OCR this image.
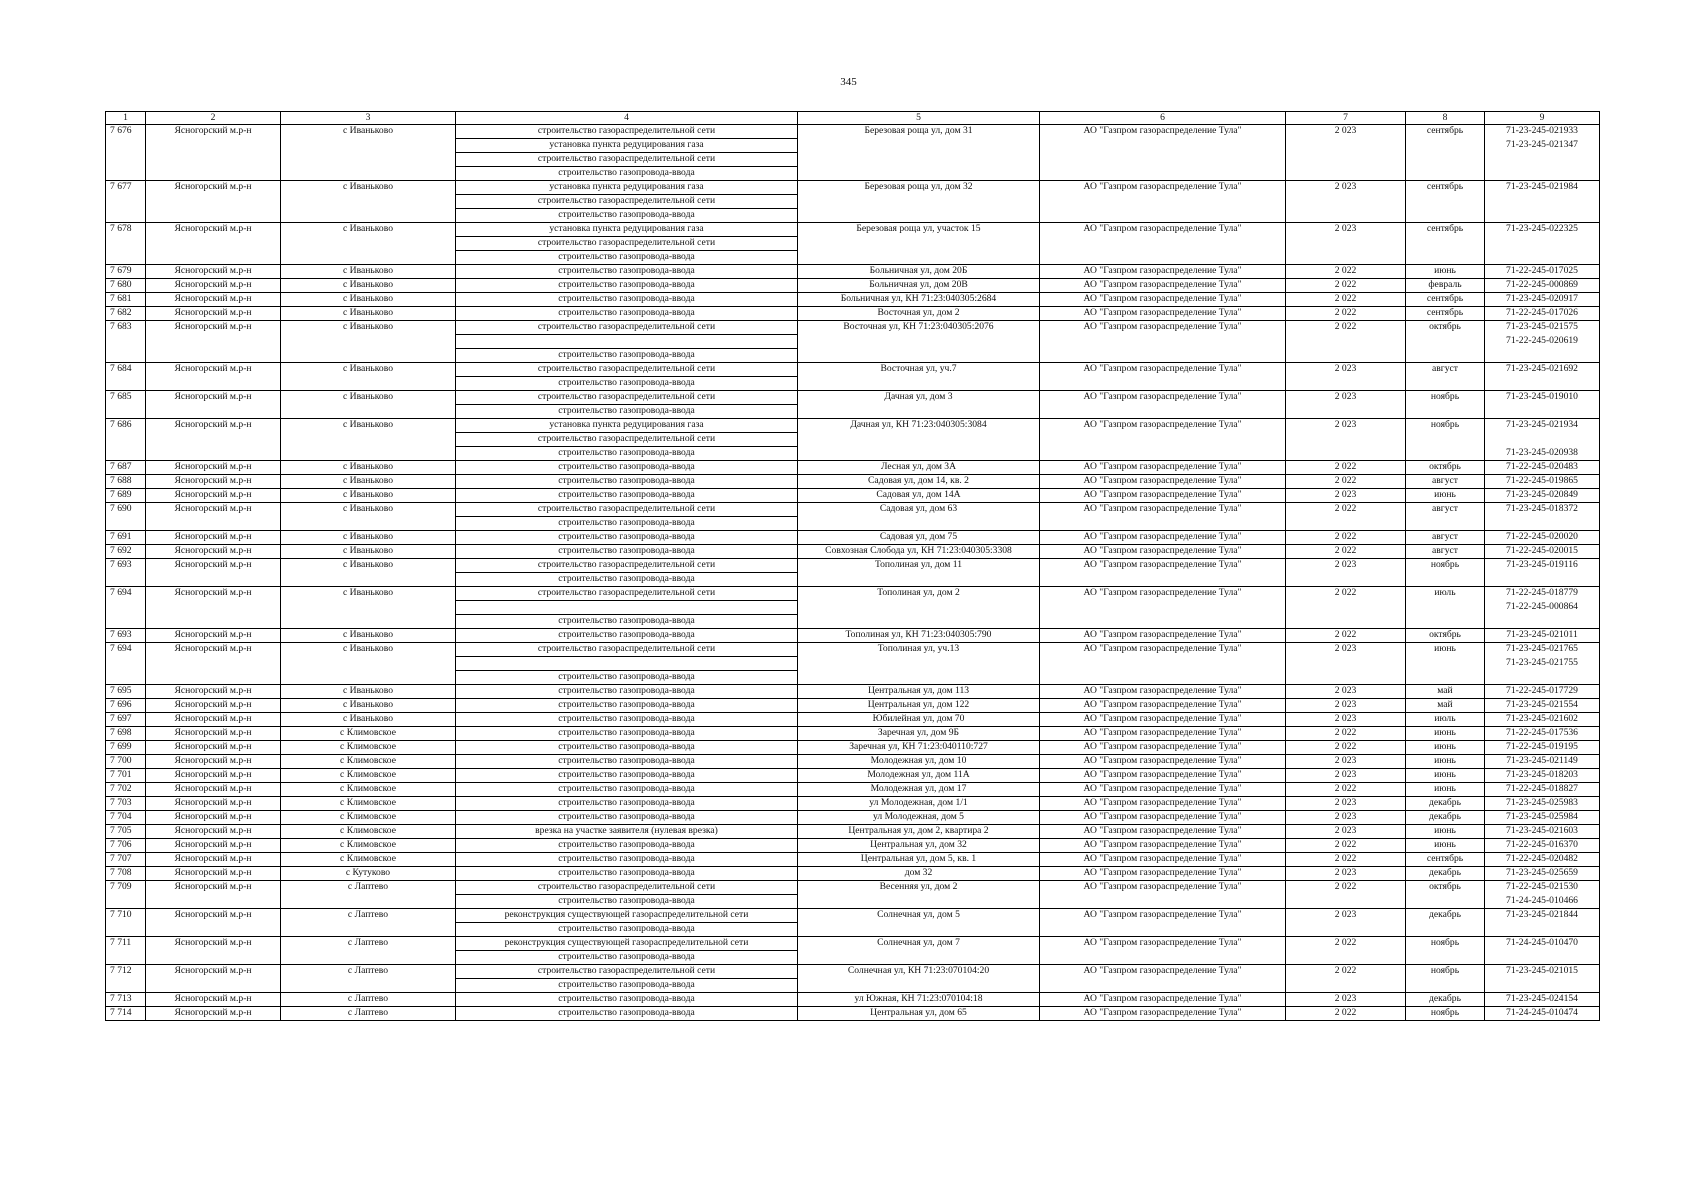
345
1	2	3	4	5	6	7	8	9
7 676	Ясногорский м.р-н	с Иваньково	строительство газораспределительной сети	Березовая роща ул, дом 31	АО "Газпром газораспределение Тула"	2 023	сентябрь	71-23-245-021933
			установка пункта редуцирования газа					71-23-245-021347
			строительство газораспределительной сети					
			строительство газопровода-ввода					
7 677	Ясногорский м.р-н	с Иваньково	установка пункта редуцирования газа	Березовая роща ул, дом 32	АО "Газпром газораспределение Тула"	2 023	сентябрь	71-23-245-021984
			строительство газораспределительной сети					
			строительство газопровода-ввода					
7 678	Ясногорский м.р-н	с Иваньково	установка пункта редуцирования газа	Березовая роща ул, участок 15	АО "Газпром газораспределение Тула"	2 023	сентябрь	71-23-245-022325
			строительство газораспределительной сети					
			строительство газопровода-ввода					
7 679	Ясногорский м.р-н	с Иваньково	строительство газопровода-ввода	Больничная ул, дом 20Б	АО "Газпром газораспределение Тула"	2 022	июнь	71-22-245-017025
7 680	Ясногорский м.р-н	с Иваньково	строительство газопровода-ввода	Больничная ул, дом 20В	АО "Газпром газораспределение Тула"	2 022	февраль	71-22-245-000869
7 681	Ясногорский м.р-н	с Иваньково	строительство газопровода-ввода	Больничная ул, КН 71:23:040305:2684	АО "Газпром газораспределение Тула"	2 022	сентябрь	71-23-245-020917
7 682	Ясногорский м.р-н	с Иваньково	строительство газопровода-ввода	Восточная ул, дом 2	АО "Газпром газораспределение Тула"	2 022	сентябрь	71-22-245-017026
7 683	Ясногорский м.р-н	с Иваньково	строительство газораспределительной сети	Восточная ул, КН 71:23:040305:2076	АО "Газпром газораспределение Тула"	2 022	октябрь	71-23-245-021575
								71-22-245-020619
			строительство газопровода-ввода					
7 684	Ясногорский м.р-н	с Иваньково	строительство газораспределительной сети	Восточная ул, уч.7	АО "Газпром газораспределение Тула"	2 023	август	71-23-245-021692
			строительство газопровода-ввода					
7 685	Ясногорский м.р-н	с Иваньково	строительство газораспределительной сети	Дачная ул, дом 3	АО "Газпром газораспределение Тула"	2 023	ноябрь	71-23-245-019010
			строительство газопровода-ввода					
7 686	Ясногорский м.р-н	с Иваньково	установка пункта редуцирования газа	Дачная ул, КН 71:23:040305:3084	АО "Газпром газораспределение Тула"	2 023	ноябрь	71-23-245-021934
			строительство газораспределительной сети					
			строительство газопровода-ввода					71-23-245-020938
7 687	Ясногорский м.р-н	с Иваньково	строительство газопровода-ввода	Лесная ул, дом 3А	АО "Газпром газораспределение Тула"	2 022	октябрь	71-22-245-020483
7 688	Ясногорский м.р-н	с Иваньково	строительство газопровода-ввода	Садовая ул, дом 14, кв. 2	АО "Газпром газораспределение Тула"	2 022	август	71-22-245-019865
7 689	Ясногорский м.р-н	с Иваньково	строительство газопровода-ввода	Садовая ул, дом 14А	АО "Газпром газораспределение Тула"	2 023	июнь	71-23-245-020849
7 690	Ясногорский м.р-н	с Иваньково	строительство газораспределительной сети	Садовая ул, дом 63	АО "Газпром газораспределение Тула"	2 022	август	71-23-245-018372
			строительство газопровода-ввода					
7 691	Ясногорский м.р-н	с Иваньково	строительство газопровода-ввода	Садовая ул, дом 75	АО "Газпром газораспределение Тула"	2 022	август	71-22-245-020020
7 692	Ясногорский м.р-н	с Иваньково	строительство газопровода-ввода	Совхозная Слобода ул, КН 71:23:040305:3308	АО "Газпром газораспределение Тула"	2 022	август	71-22-245-020015
7 693	Ясногорский м.р-н	с Иваньково	строительство газораспределительной сети	Тополиная ул, дом 11	АО "Газпром газораспределение Тула"	2 023	ноябрь	71-23-245-019116
			строительство газопровода-ввода					
7 694	Ясногорский м.р-н	с Иваньково	строительство газораспределительной сети	Тополиная ул, дом 2	АО "Газпром газораспределение Тула"	2 022	июль	71-22-245-018779
								71-22-245-000864
			строительство газопровода-ввода					
7 693	Ясногорский м.р-н	с Иваньково	строительство газопровода-ввода	Тополиная ул, КН 71:23:040305:790	АО "Газпром газораспределение Тула"	2 022	октябрь	71-23-245-021011
7 694	Ясногорский м.р-н	с Иваньково	строительство газораспределительной сети	Тополиная ул, уч.13	АО "Газпром газораспределение Тула"	2 023	июнь	71-23-245-021765
								71-23-245-021755
			строительство газопровода-ввода					
7 695	Ясногорский м.р-н	с Иваньково	строительство газопровода-ввода	Центральная ул, дом 113	АО "Газпром газораспределение Тула"	2 023	май	71-22-245-017729
7 696	Ясногорский м.р-н	с Иваньково	строительство газопровода-ввода	Центральная ул, дом 122	АО "Газпром газораспределение Тула"	2 023	май	71-23-245-021554
7 697	Ясногорский м.р-н	с Иваньково	строительство газопровода-ввода	Юбилейная ул, дом 70	АО "Газпром газораспределение Тула"	2 023	июль	71-23-245-021602
7 698	Ясногорский м.р-н	с Климовское	строительство газопровода-ввода	Заречная ул, дом 9Б	АО "Газпром газораспределение Тула"	2 022	июнь	71-22-245-017536
7 699	Ясногорский м.р-н	с Климовское	строительство газопровода-ввода	Заречная ул, КН 71:23:040110:727	АО "Газпром газораспределение Тула"	2 022	июнь	71-22-245-019195
7 700	Ясногорский м.р-н	с Климовское	строительство газопровода-ввода	Молодежная ул, дом 10	АО "Газпром газораспределение Тула"	2 023	июнь	71-23-245-021149
7 701	Ясногорский м.р-н	с Климовское	строительство газопровода-ввода	Молодежная ул, дом 11А	АО "Газпром газораспределение Тула"	2 023	июнь	71-23-245-018203
7 702	Ясногорский м.р-н	с Климовское	строительство газопровода-ввода	Молодежная ул, дом 17	АО "Газпром газораспределение Тула"	2 022	июнь	71-22-245-018827
7 703	Ясногорский м.р-н	с Климовское	строительство газопровода-ввода	ул Молодежная, дом 1/1	АО "Газпром газораспределение Тула"	2 023	декабрь	71-23-245-025983
7 704	Ясногорский м.р-н	с Климовское	строительство газопровода-ввода	ул Молодежная, дом 5	АО "Газпром газораспределение Тула"	2 023	декабрь	71-23-245-025984
7 705	Ясногорский м.р-н	с Климовское	врезка на участке заявителя (нулевая врезка)	Центральная ул, дом 2, квартира 2	АО "Газпром газораспределение Тула"	2 023	июнь	71-23-245-021603
7 706	Ясногорский м.р-н	с Климовское	строительство газопровода-ввода	Центральная ул, дом 32	АО "Газпром газораспределение Тула"	2 022	июнь	71-22-245-016370
7 707	Ясногорский м.р-н	с Климовское	строительство газопровода-ввода	Центральная ул, дом 5, кв. 1	АО "Газпром газораспределение Тула"	2 022	сентябрь	71-22-245-020482
7 708	Ясногорский м.р-н	с Кутуково	строительство газопровода-ввода	дом 32	АО "Газпром газораспределение Тула"	2 023	декабрь	71-23-245-025659
7 709	Ясногорский м.р-н	с Лаптево	строительство газораспределительной сети	Весенняя ул, дом 2	АО "Газпром газораспределение Тула"	2 022	октябрь	71-22-245-021530
			строительство газопровода-ввода					71-24-245-010466
7 710	Ясногорский м.р-н	с Лаптево	реконструкция существующей газораспределительной сети	Солнечная ул, дом 5	АО "Газпром газораспределение Тула"	2 023	декабрь	71-23-245-021844
			строительство газопровода-ввода					
7 711	Ясногорский м.р-н	с Лаптево	реконструкция существующей газораспределительной сети	Солнечная ул, дом 7	АО "Газпром газораспределение Тула"	2 022	ноябрь	71-24-245-010470
			строительство газопровода-ввода					
7 712	Ясногорский м.р-н	с Лаптево	строительство газораспределительной сети	Солнечная ул, КН 71:23:070104:20	АО "Газпром газораспределение Тула"	2 022	ноябрь	71-23-245-021015
			строительство газопровода-ввода					
7 713	Ясногорский м.р-н	с Лаптево	строительство газопровода-ввода	ул Южная, КН 71:23:070104:18	АО "Газпром газораспределение Тула"	2 023	декабрь	71-23-245-024154
7 714	Ясногорский м.р-н	с Лаптево	строительство газопровода-ввода	Центральная ул, дом 65	АО "Газпром газораспределение Тула"	2 022	ноябрь	71-24-245-010474
